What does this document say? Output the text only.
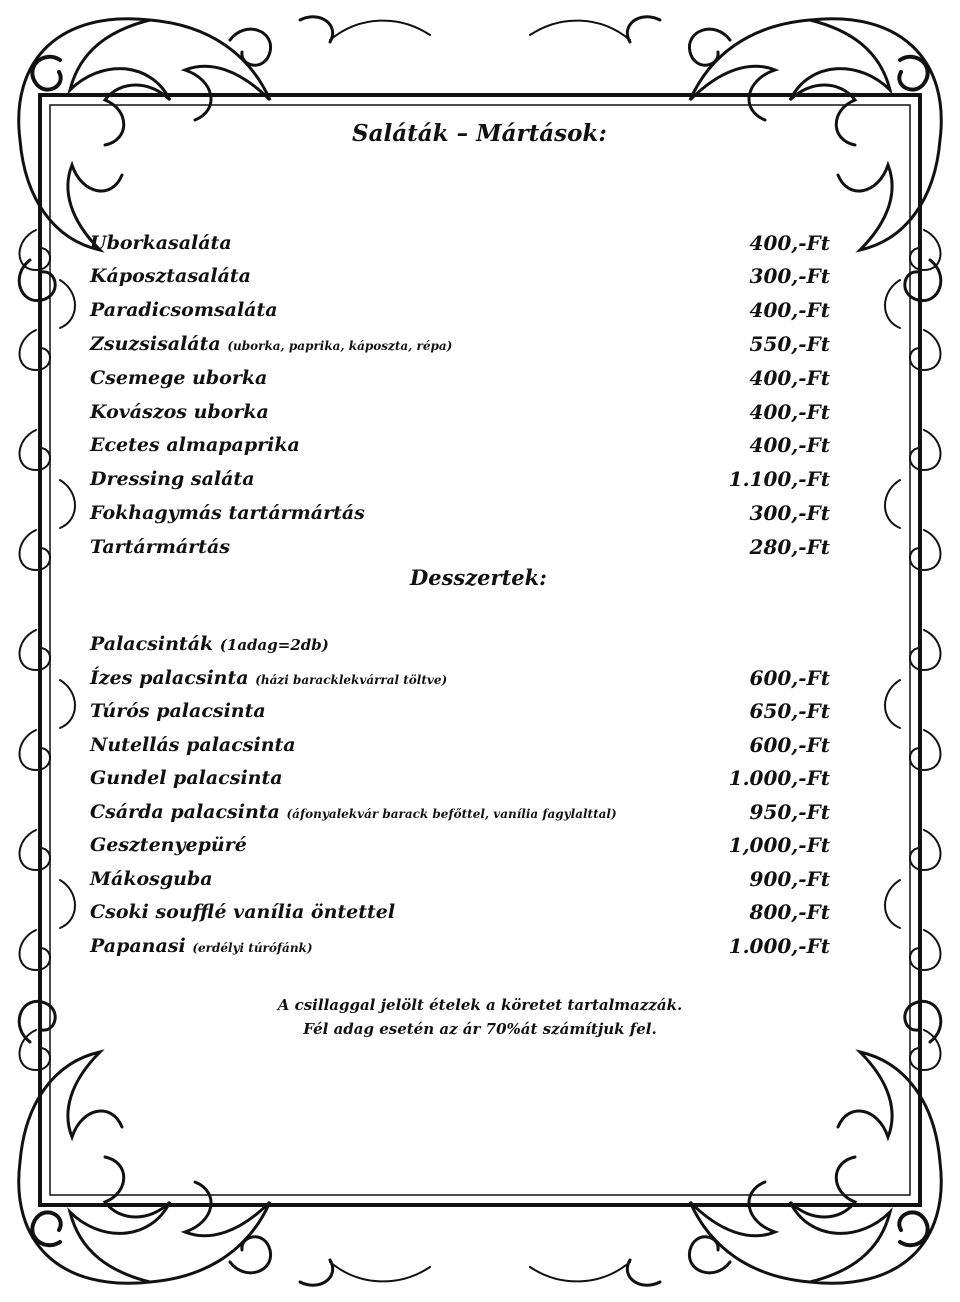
Saláták – Mártások:
Uborkasaláta	400,-Ft
Káposztasaláta	300,-Ft
Paradicsomsaláta	400,-Ft
Zsuzsisaláta (uborka, paprika, káposzta, répa)	550,-Ft
Csemege uborka	400,-Ft
Kovászos uborka	400,-Ft
Ecetes almapaprika	400,-Ft
Dressing saláta	1.100,-Ft
Fokhagymás tartármártás	300,-Ft
Tartármártás	280,-Ft
Desszertek:
Palacsinták (1adag=2db)
Ízes palacsinta (házi baracklekvárral töltve)	600,-Ft
Túrós palacsinta	650,-Ft
Nutellás palacsinta	600,-Ft
Gundel palacsinta	1.000,-Ft
Csárda palacsinta (áfonyalekvár barack befőttel, vanília fagylalttal)	950,-Ft
Gesztenyepüré	1,000,-Ft
Mákosguba	900,-Ft
Csoki soufflé vanília öntettel	800,-Ft
Papanasi (erdélyi túrófánk)	1.000,-Ft
A csillaggal jelölt ételek a köretet tartalmazzák.
Fél adag esetén az ár 70%át számítjuk fel.
